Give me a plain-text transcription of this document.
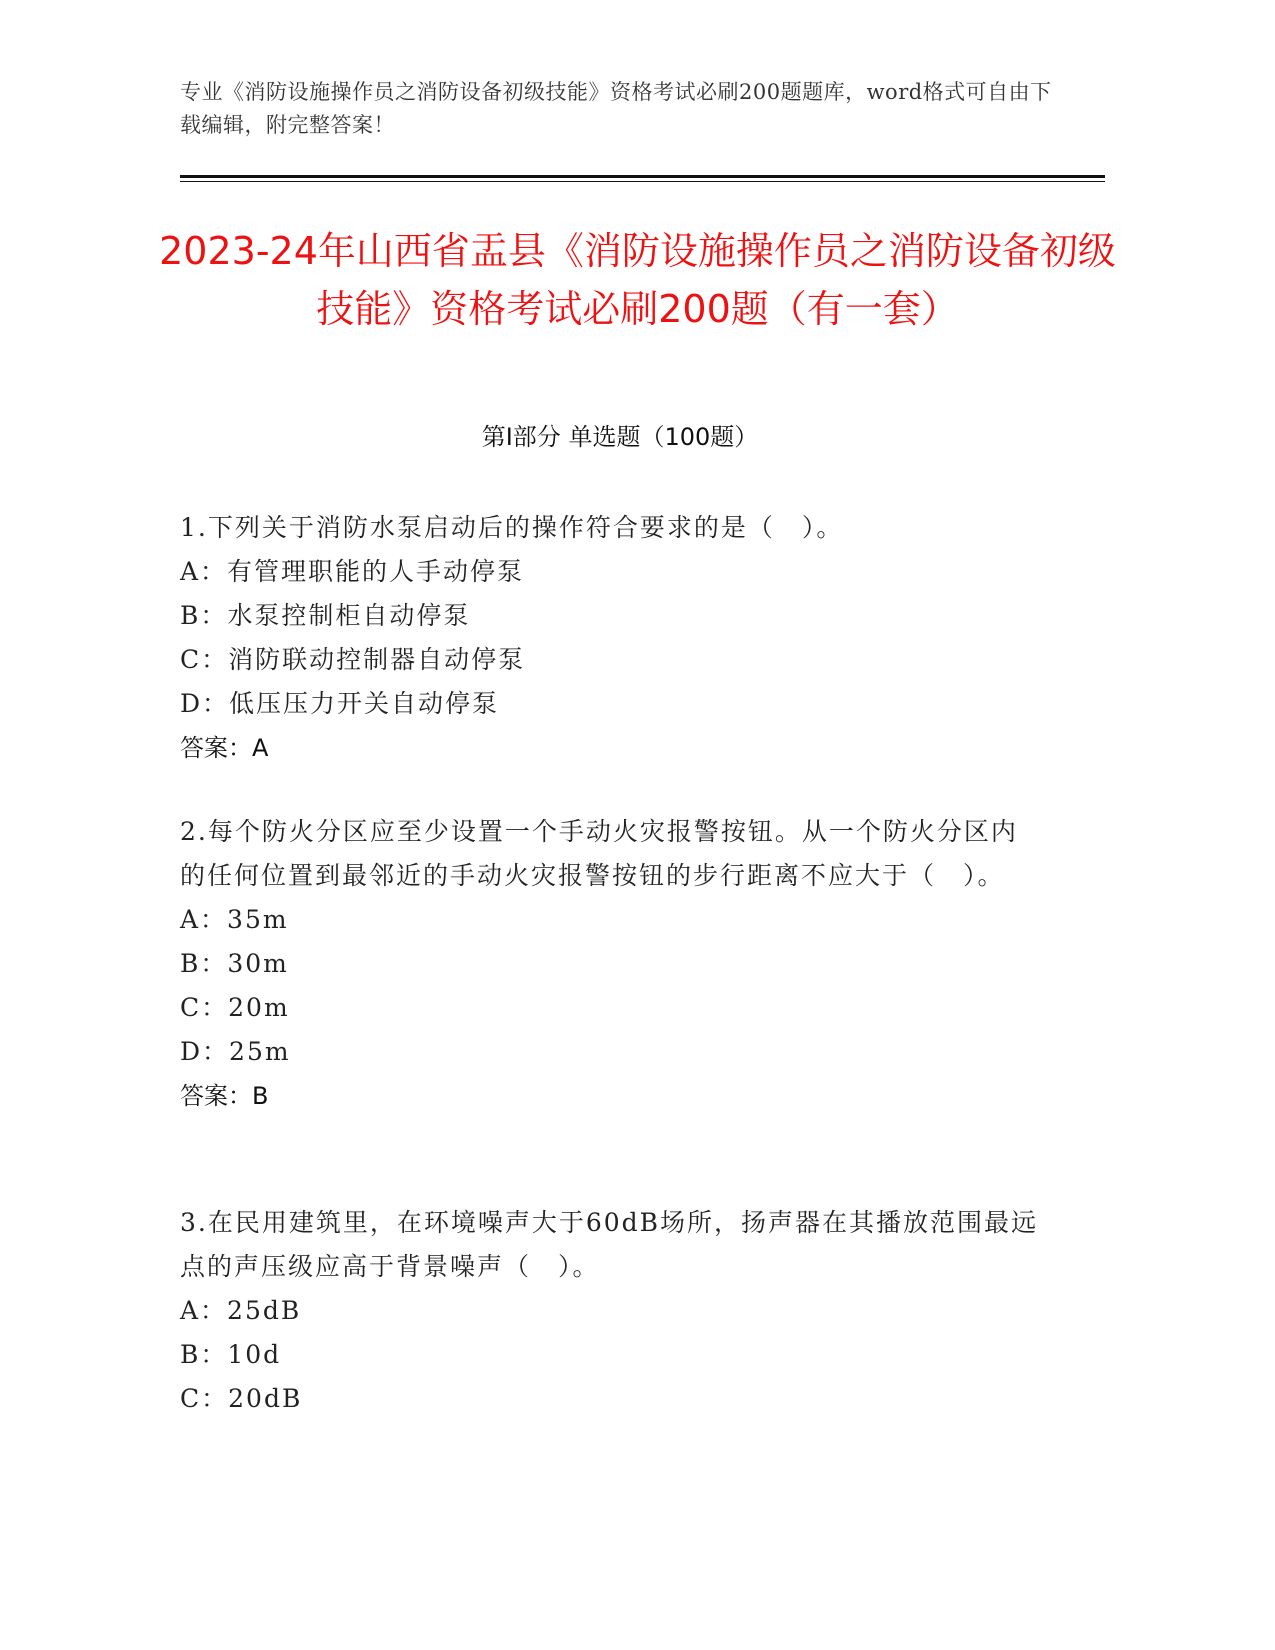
专业《消防设施操作员之消防设备初级技能》资格考试必刷200题题库，word格式可自由下载编辑，附完整答案！
2023-24年山西省盂县《消防设施操作员之消防设备初级技能》资格考试必刷200题（有一套）
第I部分 单选题（100题）
1.下列关于消防水泵启动后的操作符合要求的是（　）。
A：有管理职能的人手动停泵
B：水泵控制柜自动停泵
C：消防联动控制器自动停泵
D：低压压力开关自动停泵
答案：A
2.每个防火分区应至少设置一个手动火灾报警按钮。从一个防火分区内的任何位置到最邻近的手动火灾报警按钮的步行距离不应大于（　）。
A：35m
B：30m
C：20m
D：25m
答案：B
3.在民用建筑里，在环境噪声大于60dB场所，扬声器在其播放范围最远点的声压级应高于背景噪声（　）。
A：25dB
B：10d
C：20dB
